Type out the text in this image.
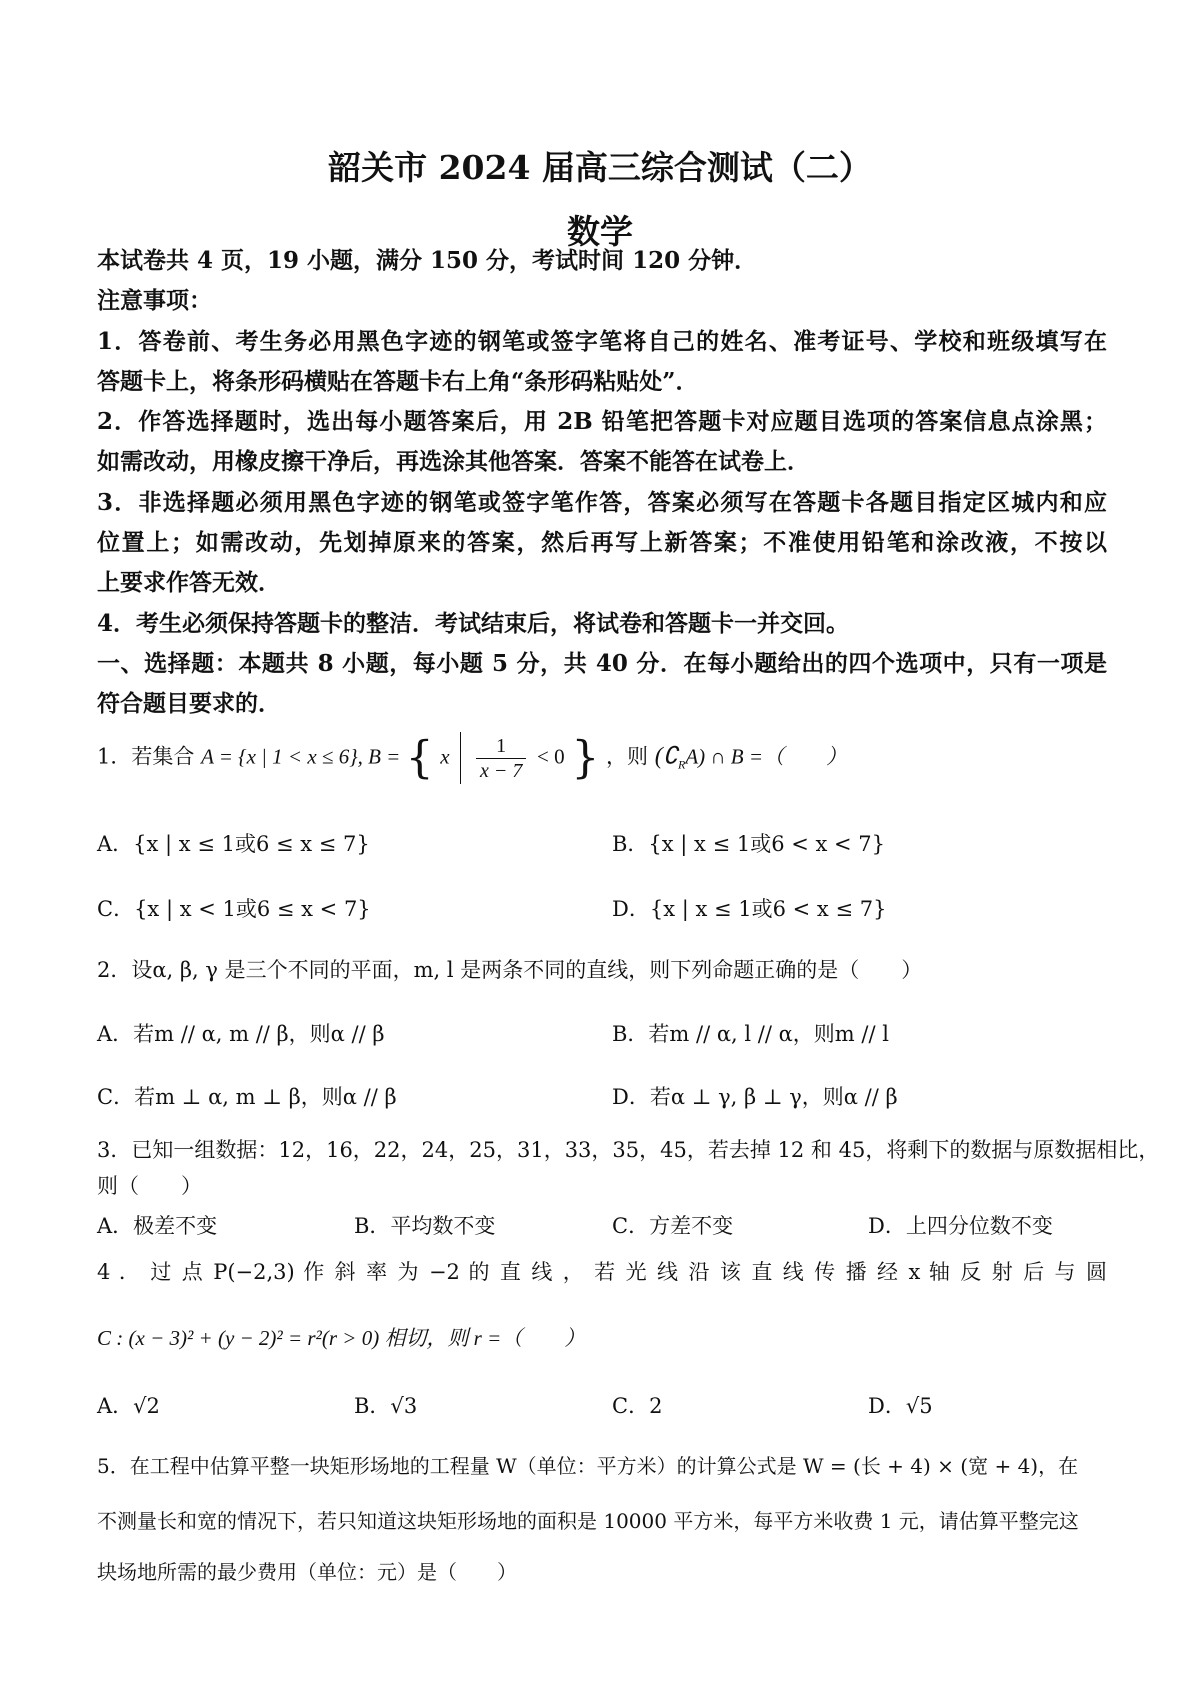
韶关市 2024 届高三综合测试（二）
数学
本试卷共 4 页，19 小题，满分 150 分，考试时间 120 分钟．
注意事项：
1．答卷前、考生务必用黑色字迹的钢笔或签字笔将自己的姓名、准考证号、学校和班级填写在
答题卡上，将条形码横贴在答题卡右上角“条形码粘贴处”．
2．作答选择题时，选出每小题答案后，用 2B 铅笔把答题卡对应题目选项的答案信息点涂黑；
如需改动，用橡皮擦干净后，再选涂其他答案．答案不能答在试卷上．
3．非选择题必须用黑色字迹的钢笔或签字笔作答，答案必须写在答题卡各题目指定区城内和应
位置上；如需改动，先划掉原来的答案，然后再写上新答案；不准使用铅笔和涂改液，不按以
上要求作答无效．
4．考生必须保持答题卡的整洁．考试结束后，将试卷和答题卡一并交回。
一、选择题：本题共 8 小题，每小题 5 分，共 40 分．在每小题给出的四个选项中，只有一项是
符合题目要求的．
1．若集合 A = {x | 1 < x ≤ 6}, B = { x $\frac{1}{x - 7} < 0$ } ，则 $(∁_RA)$ ∩ B =（　　）
A．{x | x ≤ 1或6 ≤ x ≤ 7}	B．{x | x ≤ 1或6 < x < 7}
C．{x | x < 1或6 ≤ x < 7}	D．{x | x ≤ 1或6 < x ≤ 7}
2．设α, β, γ 是三个不同的平面，m, l 是两条不同的直线，则下列命题正确的是（　　）
A．若m // α, m // β，则α // β	B．若m // α, l // α，则m // l
C．若m ⊥ α, m ⊥ β，则α // β	D．若α ⊥ γ, β ⊥ γ，则α // β
3．已知一组数据：12，16，22，24，25，31，33，35，45，若去掉 12 和 45，将剩下的数据与原数据相比，
则（　　）
A．极差不变	B．平均数不变	C．方差不变	D．上四分位数不变
4 ． 过 点 P(−2,3) 作 斜 率 为 −2 的 直 线 ， 若 光 线 沿 该 直 线 传 播 经 x 轴 反 射 后 与 圆
C : (x − 3)² + (y − 2)² = r²(r > 0) 相切，则 r =（　　）
A．√2	B．√3	C．2	D．√5
5．在工程中估算平整一块矩形场地的工程量 W（单位：平方米）的计算公式是 W = (长 + 4) × (宽 + 4)，在
不测量长和宽的情况下，若只知道这块矩形场地的面积是 10000 平方米，每平方米收费 1 元，请估算平整完这
块场地所需的最少费用（单位：元）是（　　）
